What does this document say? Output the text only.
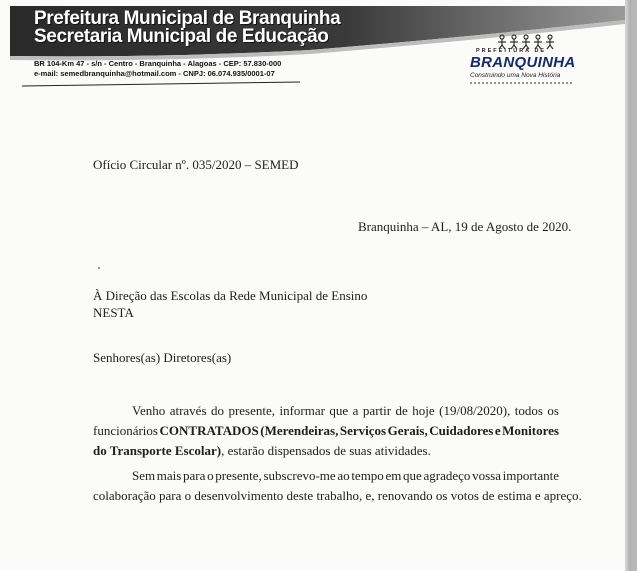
Prefeitura Municipal de Branquinha
Secretaria Municipal de Educação
BR 104-Km 47 - s/n - Centro - Branquinha - Alagoas - CEP: 57.830-000
e-mail: semedbranquinha@hotmail.com - CNPJ: 06.074.935/0001-07
PREFEITURA DE
BRANQUINHA
Construindo uma Nova História
Ofício Circular nº. 035/2020 – SEMED
Branquinha – AL, 19 de Agosto de 2020.
À Direção das Escolas da Rede Municipal de Ensino
NESTA
Senhores(as) Diretores(as)
Venho através do presente, informar que a partir de hoje (19/08/2020), todos os
funcionários CONTRATADOS (Merendeiras, Serviços Gerais, Cuidadores e Monitores
do Transporte Escolar) , estarão dispensados de suas atividades.
Sem mais para o presente, subscrevo-me ao tempo em que agradeço vossa importante
colaboração para o desenvolvimento deste trabalho, e, renovando os votos de estima e apreço.
